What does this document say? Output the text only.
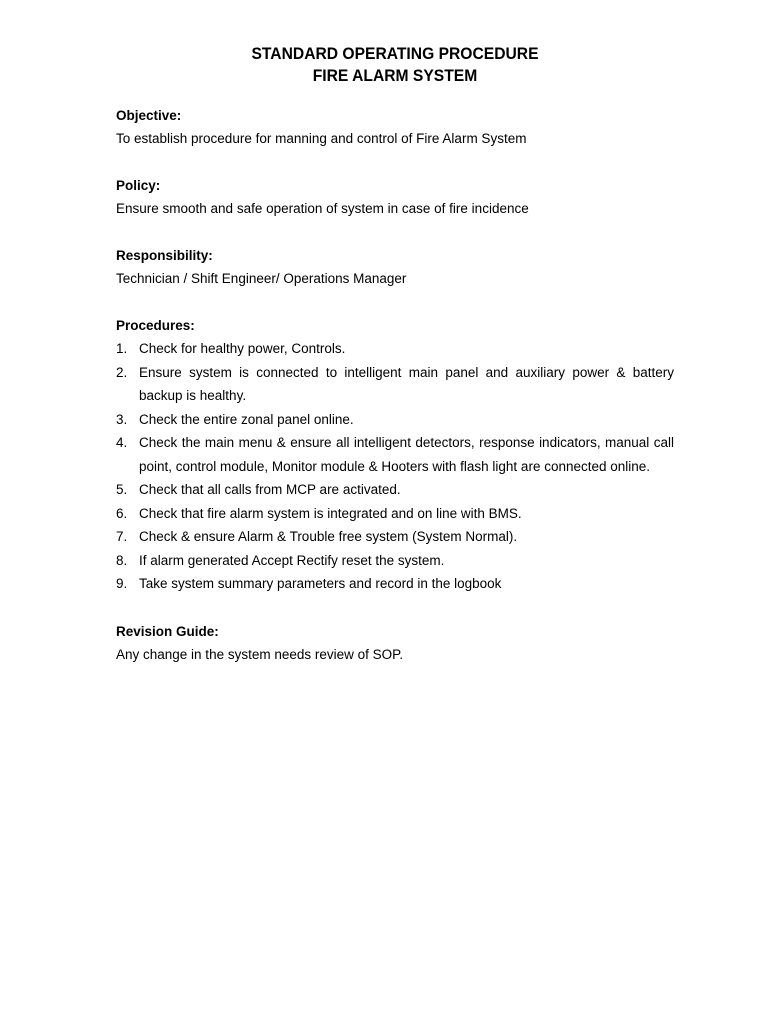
STANDARD OPERATING PROCEDURE
FIRE ALARM SYSTEM

Objective:

To establish procedure for manning and control of Fire Alarm System

Policy:

Ensure smooth and safe operation of system in case of fire incidence

Responsibility:

Technician / Shift Engineer/ Operations Manager

Procedures:

1. Check for healthy power, Controls.
2. Ensure system is connected to intelligent main panel and auxiliary power & battery backup is healthy.
3. Check the entire zonal panel online.
4. Check the main menu & ensure all intelligent detectors, response indicators, manual call point, control module, Monitor module & Hooters with flash light are connected online.
5. Check that all calls from MCP are activated.
6. Check that fire alarm system is integrated and on line with BMS.
7. Check & ensure Alarm & Trouble free system (System Normal).
8. If alarm generated Accept Rectify reset the system.
9. Take system summary parameters and record in the logbook

Revision Guide:

Any change in the system needs review of SOP.
